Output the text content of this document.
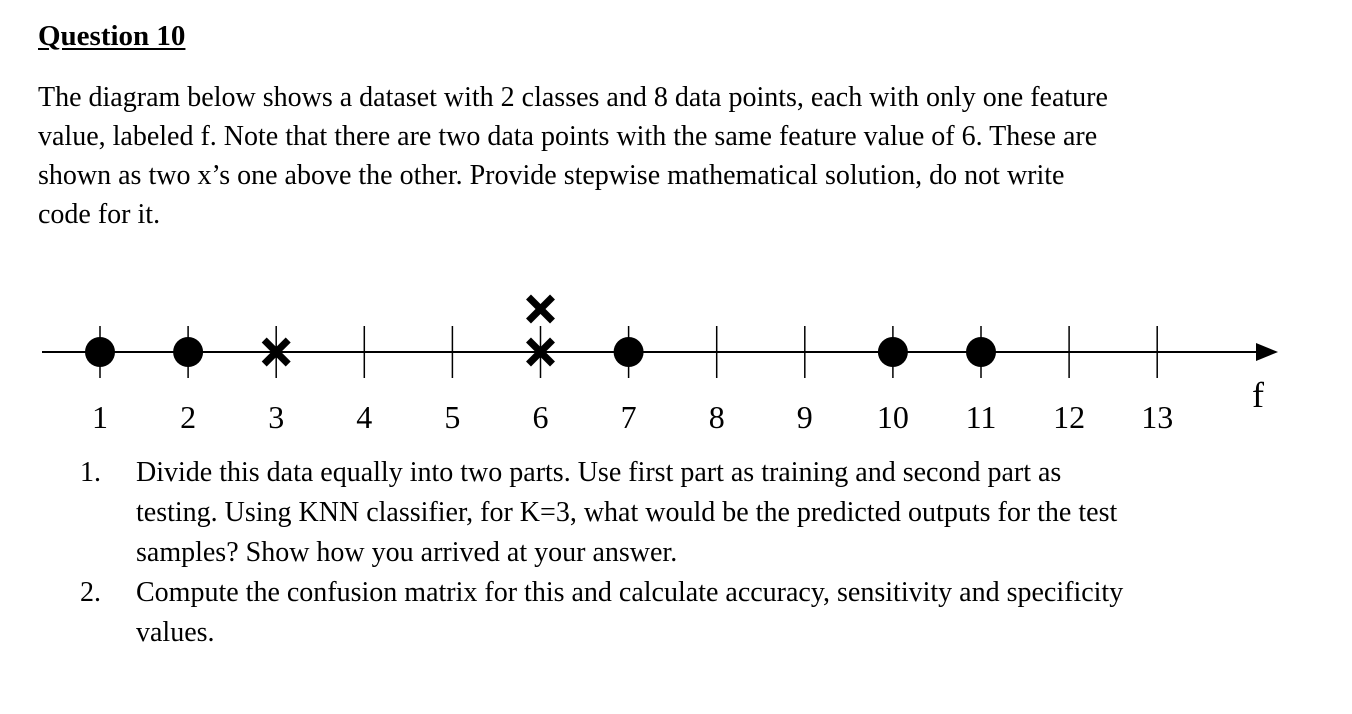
Question 10

The diagram below shows a dataset with 2 classes and 8 data points, each with only one feature
value, labeled f. Note that there are two data points with the same feature value of 6. These are
shown as two x’s one above the other. Provide stepwise mathematical solution, do not write
code for it.

1 2 3 4 5 6 7 8 9 10 11 12 13
f
1. Divide this data equally into two parts. Use first part as training and second part as
testing. Using KNN classifier, for K=3, what would be the predicted outputs for the test
samples? Show how you arrived at your answer.
2. Compute the confusion matrix for this and calculate accuracy, sensitivity and specificity
values.
